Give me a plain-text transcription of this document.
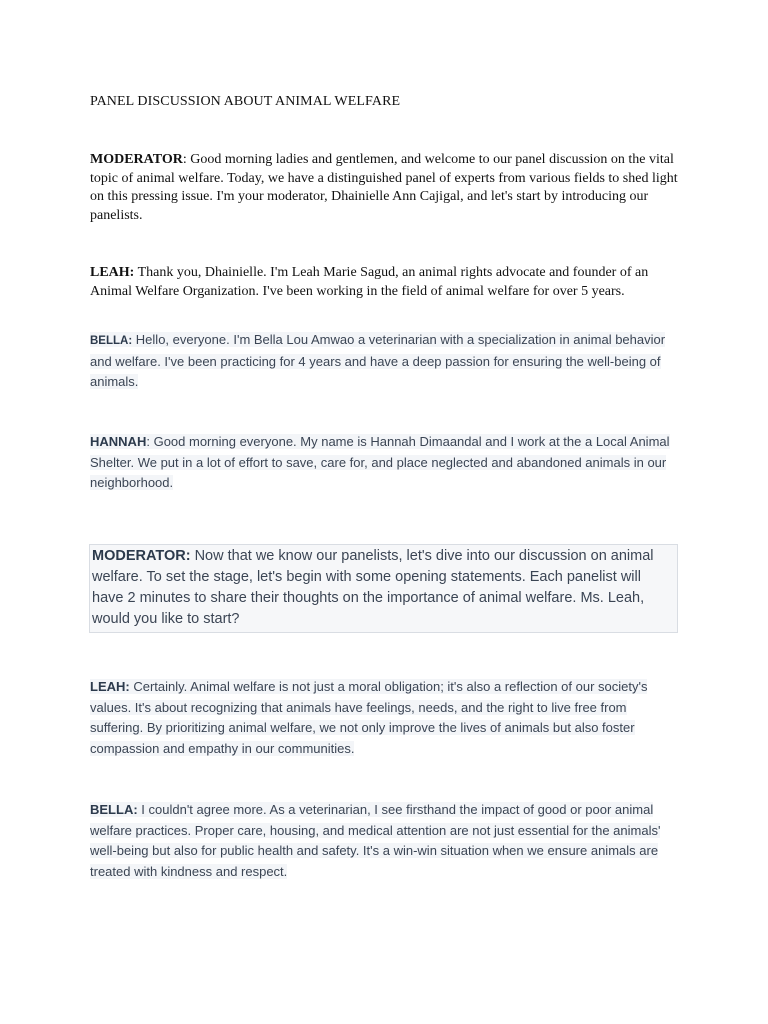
PANEL DISCUSSION ABOUT ANIMAL WELFARE
MODERATOR: Good morning ladies and gentlemen, and welcome to our panel discussion on the vital topic of animal welfare. Today, we have a distinguished panel of experts from various fields to shed light on this pressing issue. I'm your moderator, Dhainielle Ann Cajigal, and let's start by introducing our panelists.
LEAH: Thank you, Dhainielle. I'm Leah Marie Sagud, an animal rights advocate and founder of an Animal Welfare Organization. I've been working in the field of animal welfare for over 5 years.
BELLA: Hello, everyone. I'm Bella Lou Amwao a veterinarian with a specialization in animal behavior and welfare. I've been practicing for 4 years and have a deep passion for ensuring the well-being of animals.
HANNAH: Good morning everyone. My name is Hannah Dimaandal and I work at the a Local Animal Shelter. We put in a lot of effort to save, care for, and place neglected and abandoned animals in our neighborhood.
MODERATOR: Now that we know our panelists, let's dive into our discussion on animal welfare. To set the stage, let's begin with some opening statements. Each panelist will have 2 minutes to share their thoughts on the importance of animal welfare. Ms. Leah, would you like to start?
LEAH: Certainly. Animal welfare is not just a moral obligation; it's also a reflection of our society's values. It's about recognizing that animals have feelings, needs, and the right to live free from suffering. By prioritizing animal welfare, we not only improve the lives of animals but also foster compassion and empathy in our communities.
BELLA: I couldn't agree more. As a veterinarian, I see firsthand the impact of good or poor animal welfare practices. Proper care, housing, and medical attention are not just essential for the animals' well-being but also for public health and safety. It's a win-win situation when we ensure animals are treated with kindness and respect.
